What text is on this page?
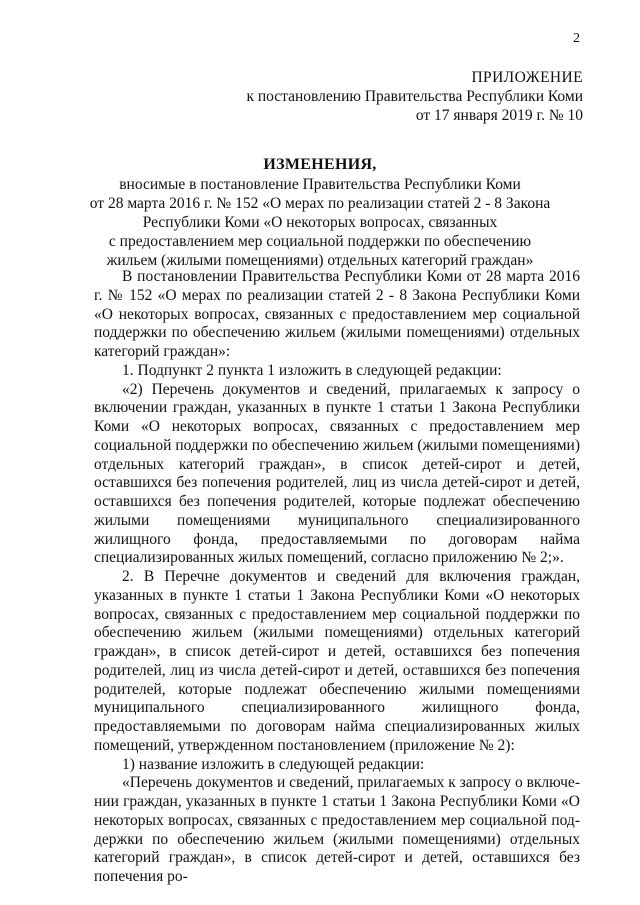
2
ПРИЛОЖЕНИЕ
к постановлению Правительства Республики Коми
от 17 января 2019 г. № 10
ИЗМЕНЕНИЯ,
вносимые в постановление Правительства Республики Коми
от 28 марта 2016 г. № 152 «О мерах по реализации статей 2 - 8 Закона
Республики Коми «О некоторых вопросах, связанных
с предоставлением мер социальной поддержки по обеспечению
жильем (жилыми помещениями) отдельных категорий граждан»

В постановлении Правительства Республики Коми от 28 марта 2016 г. № 152 «О мерах по реализации статей 2 - 8 Закона Республики Коми «О некоторых вопросах, связанных с предоставлением мер социальной поддержки по обеспечению жильем (жилыми помещениями) отдельных категорий граждан»:

1. Подпункт 2 пункта 1 изложить в следующей редакции:

«2) Перечень документов и сведений, прилагаемых к запросу о включении граждан, указанных в пункте 1 статьи 1 Закона Республики Коми «О некоторых вопросах, связанных с предоставлением мер социальной поддержки по обеспечению жильем (жилыми помещениями) отдельных категорий граждан», в список детей-сирот и детей, оставшихся без попечения родителей, лиц из числа детей-сирот и детей, оставшихся без попечения родителей, которые подлежат обеспечению жилыми помещениями муниципального специализированного жилищного фонда, предоставляемыми по договорам найма специализированных жилых помещений, согласно приложению № 2;».

2. В Перечне документов и сведений для включения граждан, указанных в пункте 1 статьи 1 Закона Республики Коми «О некоторых вопросах, связанных с предоставлением мер социальной поддержки по обеспечению жильем (жилыми помещениями) отдельных категорий граждан», в список детей-сирот и детей, оставшихся без попечения родителей, лиц из числа детей-сирот и детей, оставшихся без попечения родителей, которые подлежат обеспечению жилыми помещениями муниципального специализированного жилищного фонда, предоставляемыми по договорам найма специализированных жилых помещений, утвержденном постановлением (приложение № 2):

1) название изложить в следующей редакции:

«Перечень документов и сведений, прилагаемых к запросу о включении граждан, указанных в пункте 1 статьи 1 Закона Республики Коми «О некоторых вопросах, связанных с предоставлением мер социальной поддержки по обеспечению жильем (жилыми помещениями) отдельных категорий граждан», в список детей-сирот и детей, оставшихся без попечения ро-
